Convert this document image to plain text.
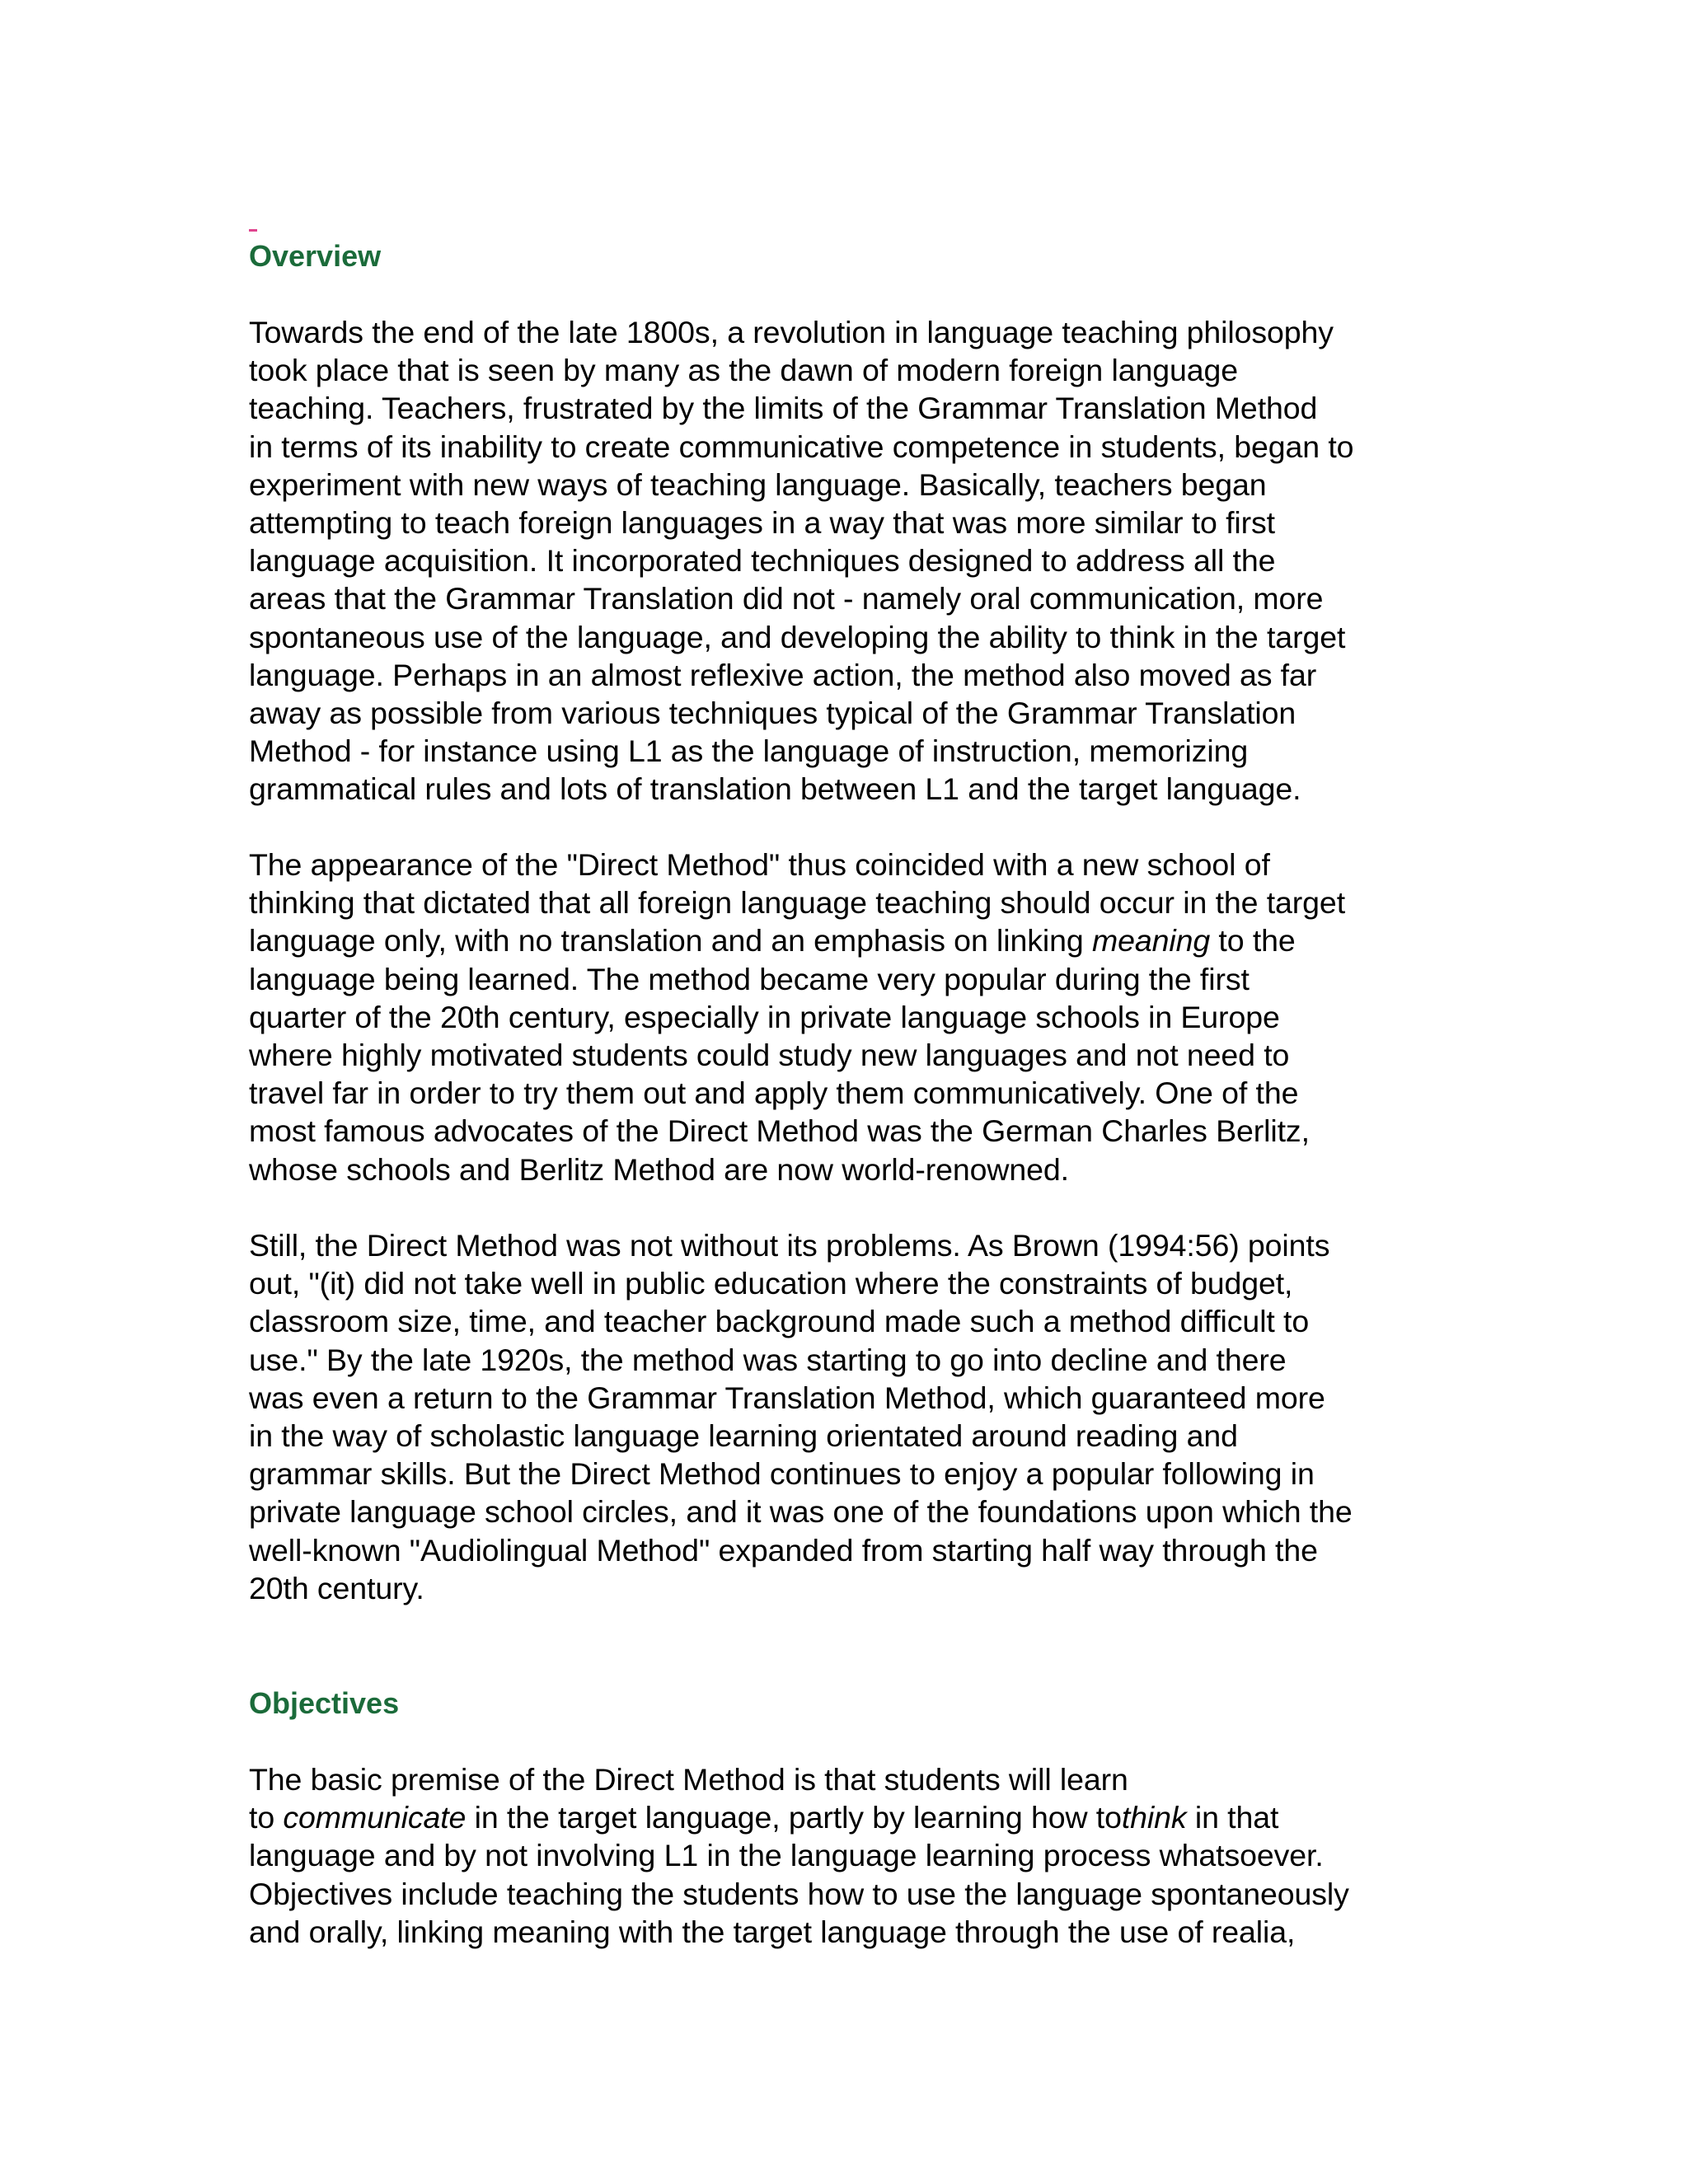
Overview
Towards the end of the late 1800s, a revolution in language teaching philosophy
took place that is seen by many as the dawn of modern foreign language
teaching. Teachers, frustrated by the limits of the Grammar Translation Method
in terms of its inability to create communicative competence in students, began to
experiment with new ways of teaching language. Basically, teachers began
attempting to teach foreign languages in a way that was more similar to first
language acquisition. It incorporated techniques designed to address all the
areas that the Grammar Translation did not - namely oral communication, more
spontaneous use of the language, and developing the ability to think in the target
language. Perhaps in an almost reflexive action, the method also moved as far
away as possible from various techniques typical of the Grammar Translation
Method - for instance using L1 as the language of instruction, memorizing
grammatical rules and lots of translation between L1 and the target language.
The appearance of the "Direct Method" thus coincided with a new school of
thinking that dictated that all foreign language teaching should occur in the target
language only, with no translation and an emphasis on linking meaning to the
language being learned. The method became very popular during the first
quarter of the 20th century, especially in private language schools in Europe
where highly motivated students could study new languages and not need to
travel far in order to try them out and apply them communicatively. One of the
most famous advocates of the Direct Method was the German Charles Berlitz,
whose schools and Berlitz Method are now world-renowned.
Still, the Direct Method was not without its problems. As Brown (1994:56) points
out, "(it) did not take well in public education where the constraints of budget,
classroom size, time, and teacher background made such a method difficult to
use." By the late 1920s, the method was starting to go into decline and there
was even a return to the Grammar Translation Method, which guaranteed more
in the way of scholastic language learning orientated around reading and
grammar skills. But the Direct Method continues to enjoy a popular following in
private language school circles, and it was one of the foundations upon which the
well-known "Audiolingual Method" expanded from starting half way through the
20th century.
Objectives
The basic premise of the Direct Method is that students will learn
to communicate in the target language, partly by learning how tothink in that
language and by not involving L1 in the language learning process whatsoever.
Objectives include teaching the students how to use the language spontaneously
and orally, linking meaning with the target language through the use of realia,
